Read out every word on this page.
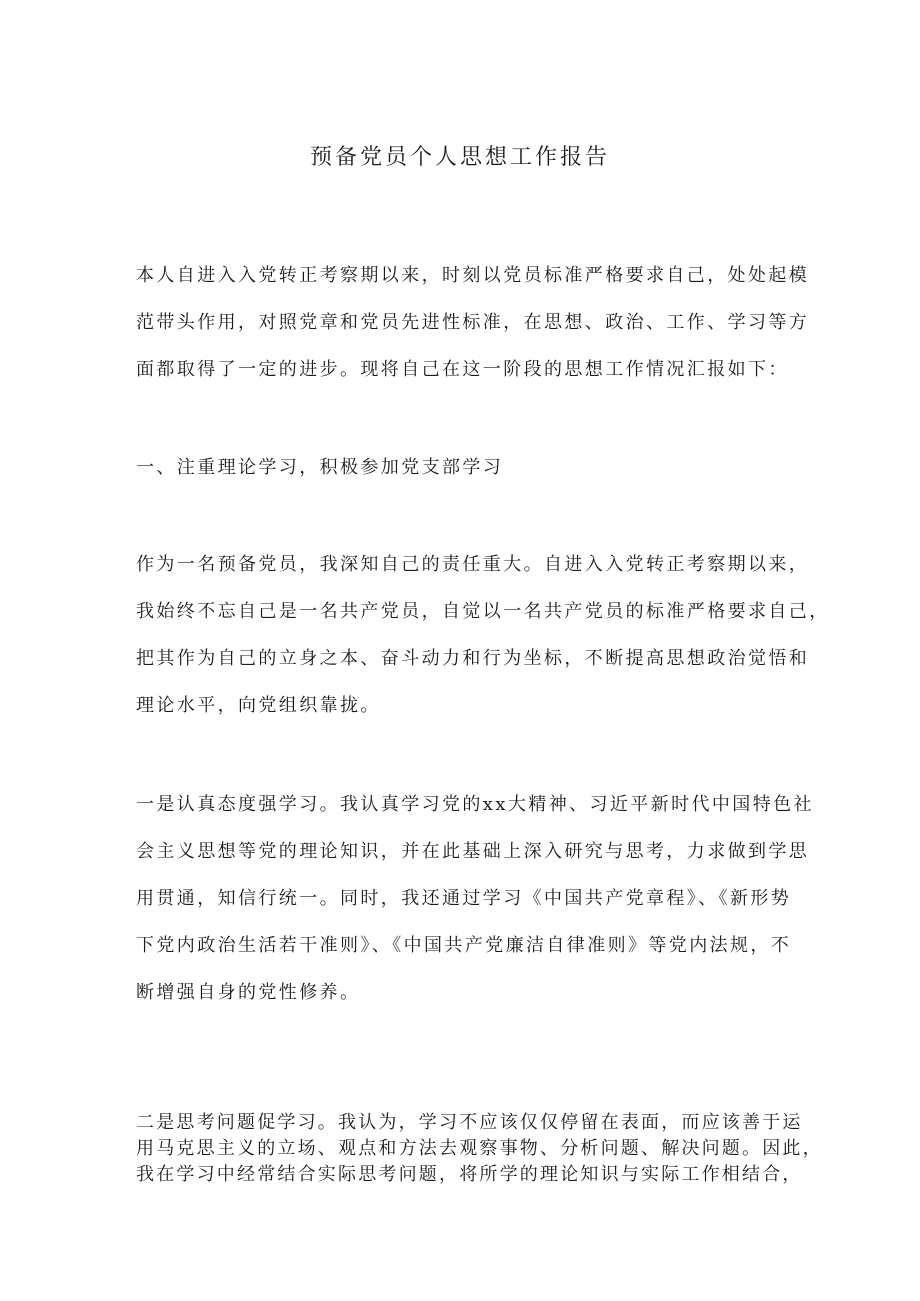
预备党员个人思想工作报告
本人自进入入党转正考察期以来，时刻以党员标准严格要求自己，处处起模
范带头作用，对照党章和党员先进性标准，在思想、政治、工作、学习等方
面都取得了一定的进步。现将自己在这一阶段的思想工作情况汇报如下：
一、注重理论学习，积极参加党支部学习
作为一名预备党员，我深知自己的责任重大。自进入入党转正考察期以来，
我始终不忘自己是一名共产党员，自觉以一名共产党员的标准严格要求自己，
把其作为自己的立身之本、奋斗动力和行为坐标，不断提高思想政治觉悟和
理论水平，向党组织靠拢。
一是认真态度强学习。我认真学习党的xx大精神、习近平新时代中国特色社
会主义思想等党的理论知识，并在此基础上深入研究与思考，力求做到学思
用贯通，知信行统一。同时，我还通过学习《中国共产党章程》、《新形势
下党内政治生活若干准则》、《中国共产党廉洁自律准则》等党内法规，不
断增强自身的党性修养。
二是思考问题促学习。我认为，学习不应该仅仅停留在表面，而应该善于运
用马克思主义的立场、观点和方法去观察事物、分析问题、解决问题。因此，
我在学习中经常结合实际思考问题，将所学的理论知识与实际工作相结合，
